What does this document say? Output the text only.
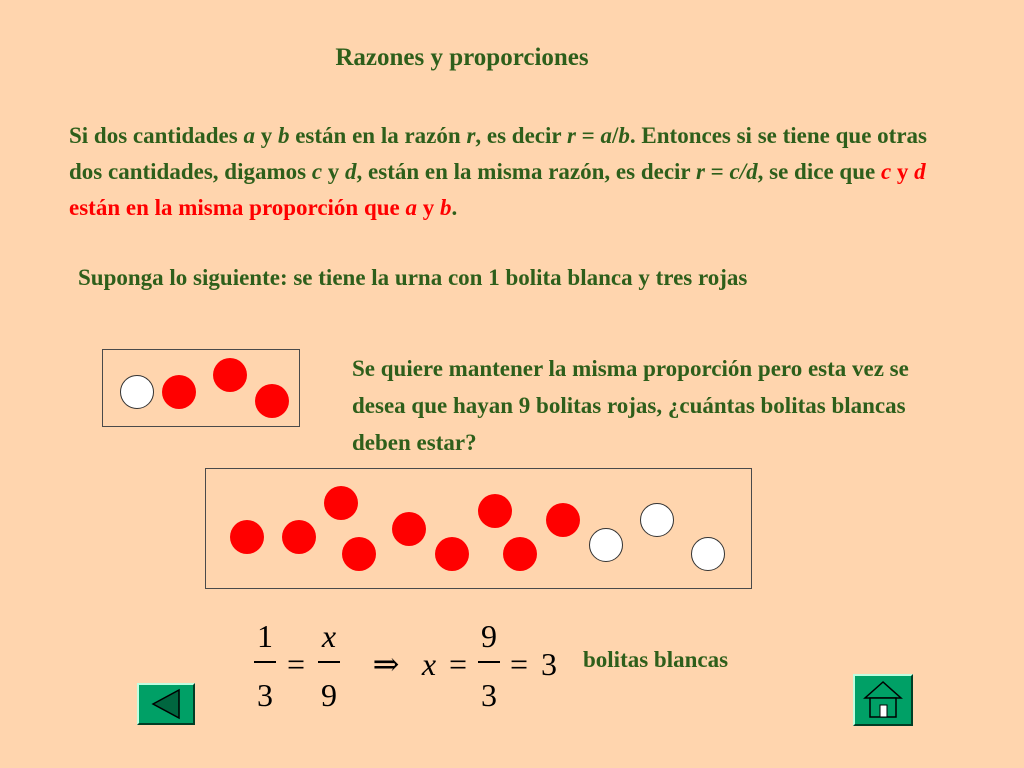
Razones y proporciones
Si dos cantidades a y b están en la razón r, es decir r = a/b. Entonces si se tiene que otras dos cantidades, digamos c y d, están en la misma razón, es decir r = c/d, se dice que c y d están en la misma proporción que a y b.
Suponga lo siguiente: se tiene la urna con 1 bolita blanca y tres rojas
Se quiere mantener la misma proporción pero esta vez se desea que hayan 9 bolitas rojas, ¿cuántas bolitas blancas deben estar?
1
3
=
x
9
⇒ x =
9
3
= 3 bolitas blancas
